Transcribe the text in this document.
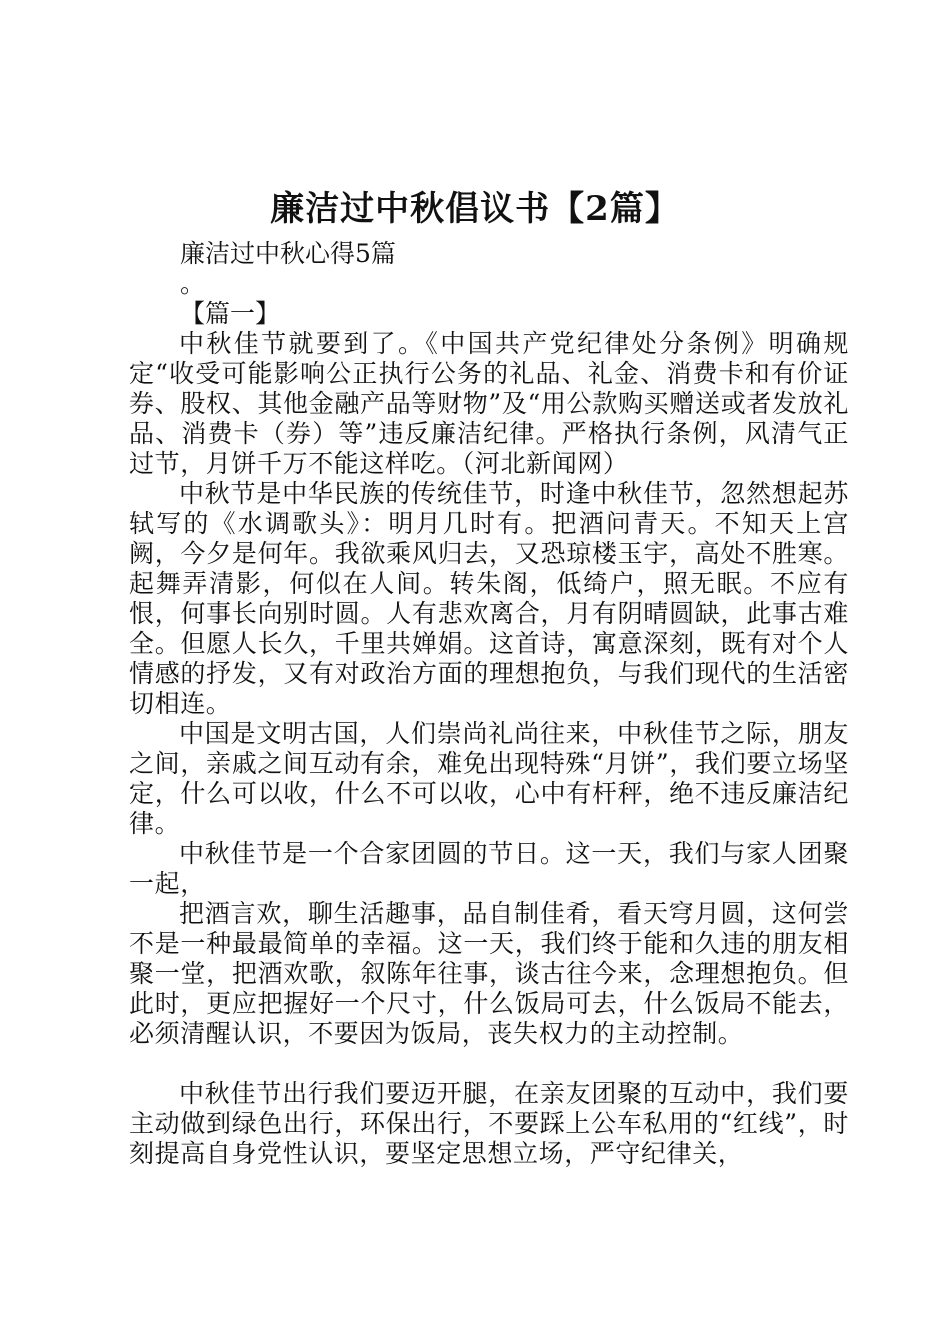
廉洁过中秋倡议书【2篇】
廉洁过中秋心得5篇
。
【篇一】

中秋佳节就要到了。《中国共产党纪律处分条例》明确规定“收受可能影响公正执行公务的礼品、礼金、消费卡和有价证券、股权、其他金融产品等财物”及“用公款购买赠送或者发放礼品、消费卡（券）等”违反廉洁纪律。严格执行条例，风清气正过节，月饼千万不能这样吃。（河北新闻网）

中秋节是中华民族的传统佳节，时逢中秋佳节，忽然想起苏轼写的《水调歌头》：明月几时有。把酒问青天。不知天上宫阙，今夕是何年。我欲乘风归去，又恐琼楼玉宇，高处不胜寒。起舞弄清影，何似在人间。转朱阁，低绮户，照无眠。不应有恨，何事长向别时圆。人有悲欢离合，月有阴晴圆缺，此事古难全。但愿人长久，千里共婵娟。这首诗，寓意深刻，既有对个人情感的抒发，又有对政治方面的理想抱负，与我们现代的生活密切相连。

中国是文明古国，人们崇尚礼尚往来，中秋佳节之际，朋友之间，亲戚之间互动有余，难免出现特殊“月饼”，我们要立场坚定，什么可以收，什么不可以收，心中有杆秤，绝不违反廉洁纪律。

中秋佳节是一个合家团圆的节日。这一天，我们与家人团聚一起，

把酒言欢，聊生活趣事，品自制佳肴，看天穹月圆，这何尝不是一种最最简单的幸福。这一天，我们终于能和久违的朋友相聚一堂，把酒欢歌，叙陈年往事，谈古往今来，念理想抱负。但此时，更应把握好一个尺寸，什么饭局可去，什么饭局不能去，必须清醒认识，不要因为饭局，丧失权力的主动控制。

中秋佳节出行我们要迈开腿，在亲友团聚的互动中，我们要主动做到绿色出行，环保出行，不要踩上公车私用的“红线”，时刻提高自身党性认识，要坚定思想立场，严守纪律关，
